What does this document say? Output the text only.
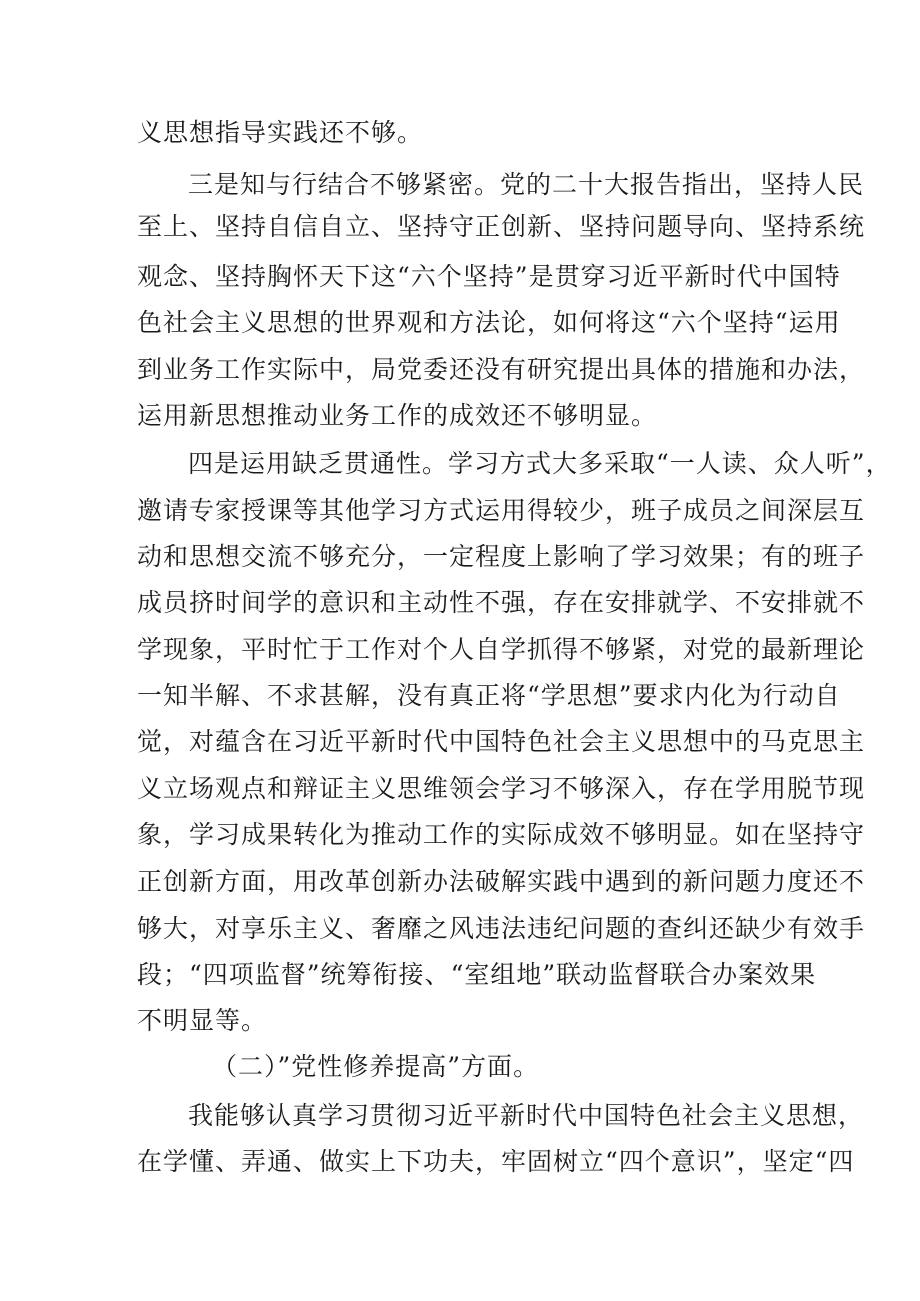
义思想指导实践还不够。
三是知与行结合不够紧密。党的二十大报告指出，坚持人民
至上、坚持自信自立、坚持守正创新、坚持问题导向、坚持系统
观念、坚持胸怀天下这“六个坚持”是贯穿习近平新时代中国特
色社会主义思想的世界观和方法论，如何将这“六个坚持“运用
到业务工作实际中，局党委还没有研究提出具体的措施和办法，
运用新思想推动业务工作的成效还不够明显。
四是运用缺乏贯通性。学习方式大多采取“一人读、众人听”，
邀请专家授课等其他学习方式运用得较少，班子成员之间深层互
动和思想交流不够充分，一定程度上影响了学习效果；有的班子
成员挤时间学的意识和主动性不强，存在安排就学、不安排就不
学现象，平时忙于工作对个人自学抓得不够紧，对党的最新理论
一知半解、不求甚解，没有真正将“学思想”要求内化为行动自
觉，对蕴含在习近平新时代中国特色社会主义思想中的马克思主
义立场观点和辩证主义思维领会学习不够深入，存在学用脱节现
象，学习成果转化为推动工作的实际成效不够明显。如在坚持守
正创新方面，用改革创新办法破解实践中遇到的新问题力度还不
够大，对享乐主义、奢靡之风违法违纪问题的查纠还缺少有效手
段；“四项监督”统筹衔接、“室组地”联动监督联合办案效果
不明显等。
（二）”党性修养提高”方面。
我能够认真学习贯彻习近平新时代中国特色社会主义思想，
在学懂、弄通、做实上下功夫，牢固树立“四个意识”，坚定“四
